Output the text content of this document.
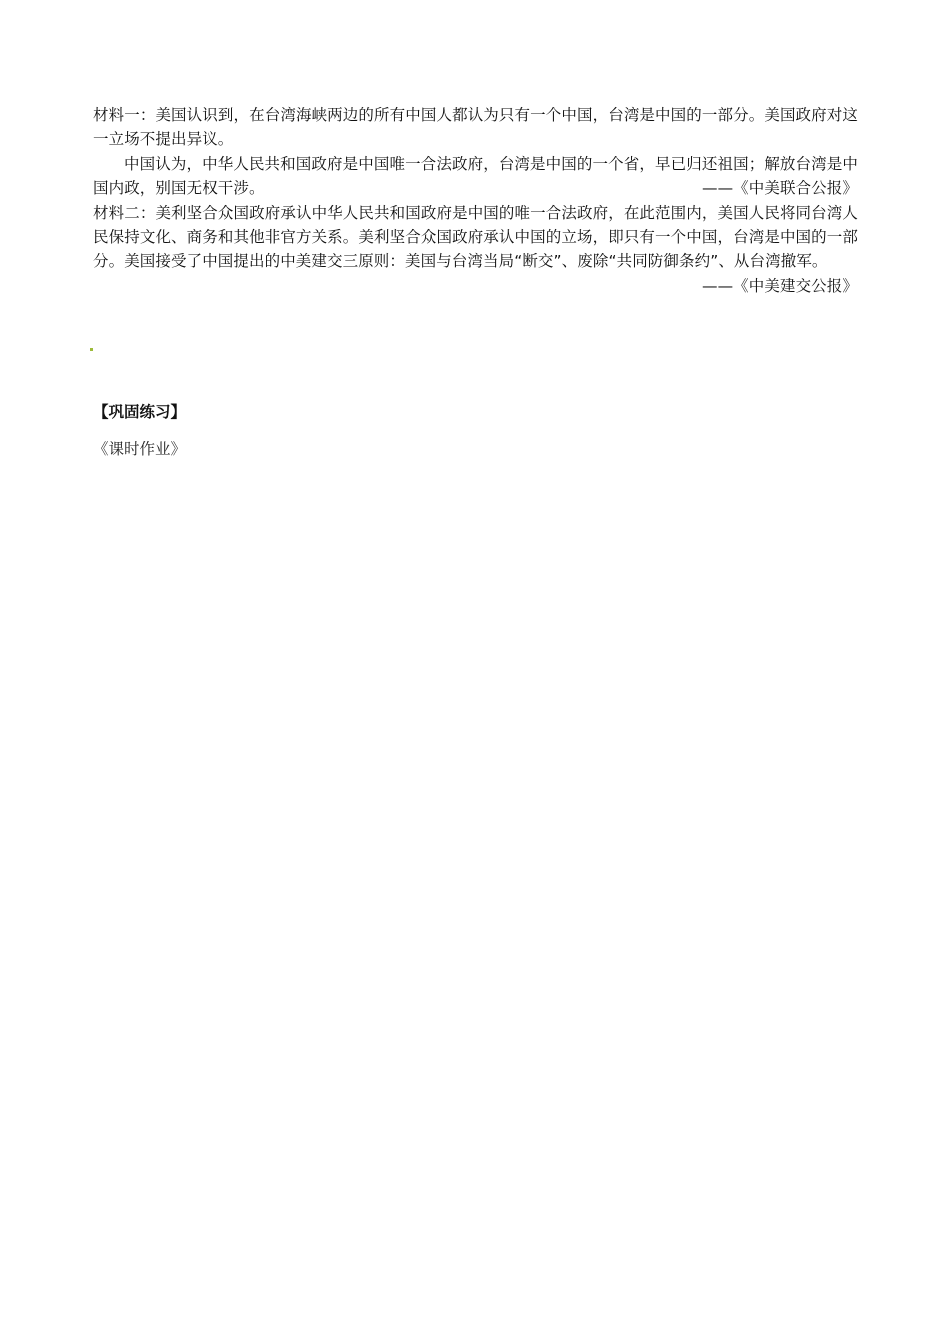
材料一：美国认识到，在台湾海峡两边的所有中国人都认为只有一个中国，台湾是中国的一部分。美国政府对这一立场不提出异议。

中国认为，中华人民共和国政府是中国唯一合法政府，台湾是中国的一个省，早已归还祖国；解放台湾是中国内政，别国无权干涉。	——《中美联合公报》

材料二：美利坚合众国政府承认中华人民共和国政府是中国的唯一合法政府，在此范围内，美国人民将同台湾人民保持文化、商务和其他非官方关系。美利坚合众国政府承认中国的立场，即只有一个中国，台湾是中国的一部分。美国接受了中国提出的中美建交三原则：美国与台湾当局“断交”、废除“共同防御条约”、从台湾撤军。

——《中美建交公报》

【巩固练习】
《课时作业》
